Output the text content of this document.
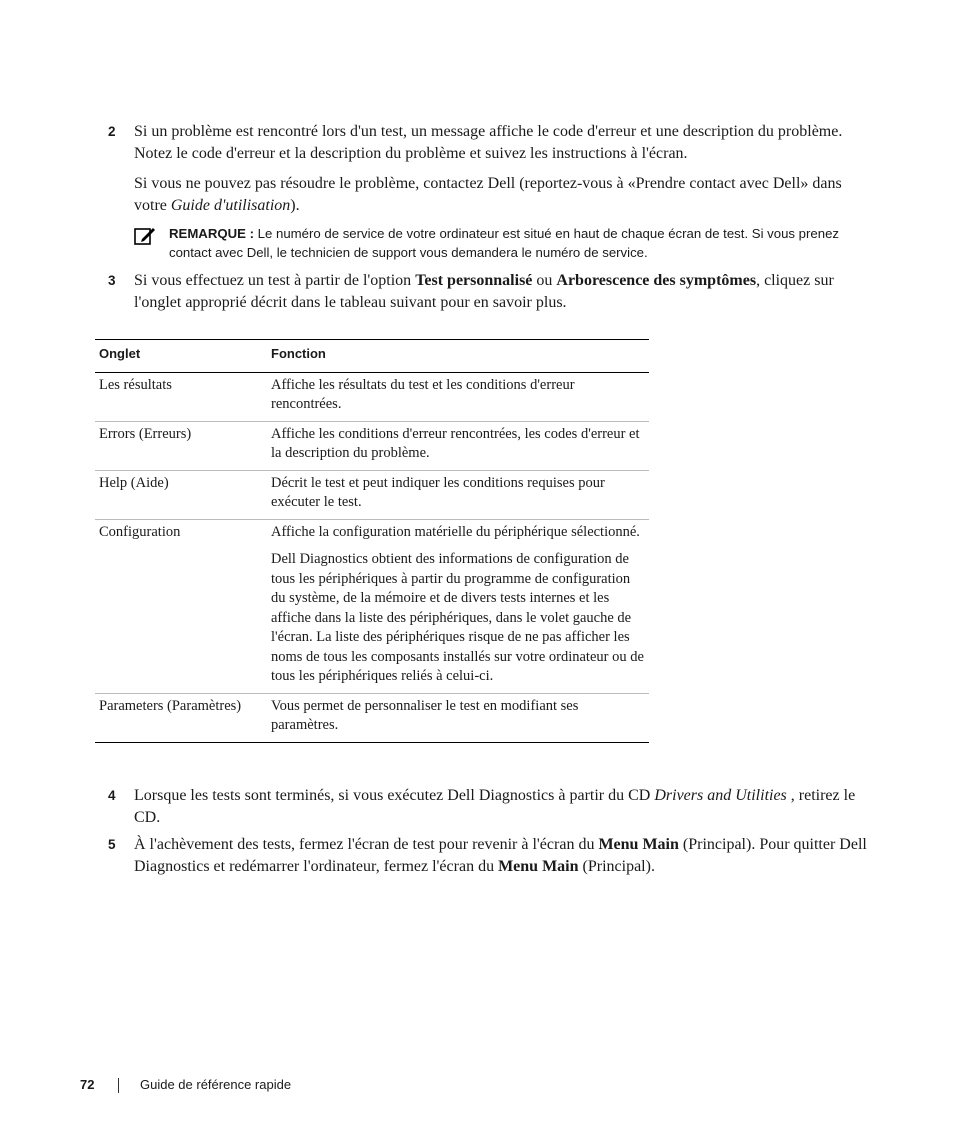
2 Si un problème est rencontré lors d'un test, un message affiche le code d'erreur et une description du problème. Notez le code d'erreur et la description du problème et suivez les instructions à l'écran.

Si vous ne pouvez pas résoudre le problème, contactez Dell (reportez-vous à «Prendre contact avec Dell» dans votre Guide d'utilisation).

REMARQUE : Le numéro de service de votre ordinateur est situé en haut de chaque écran de test. Si vous prenez contact avec Dell, le technicien de support vous demandera le numéro de service.
3 Si vous effectuez un test à partir de l'option Test personnalisé ou Arborescence des symptômes, cliquez sur l'onglet approprié décrit dans le tableau suivant pour en savoir plus.

Onglet	Fonction
Les résultats	Affiche les résultats du test et les conditions d'erreur rencontrées.

Errors (Erreurs)	Affiche les conditions d'erreur rencontrées, les codes d'erreur et la description du problème.

Help (Aide)	Décrit le test et peut indiquer les conditions requises pour exécuter le test.

Configuration	Affiche la configuration matérielle du périphérique sélectionné.

Dell Diagnostics obtient des informations de configuration de tous les périphériques à partir du programme de configuration du système, de la mémoire et de divers tests internes et les affiche dans la liste des périphériques, dans le volet gauche de l'écran. La liste des périphériques risque de ne pas afficher les noms de tous les composants installés sur votre ordinateur ou de tous les périphériques reliés à celui-ci.

Parameters (Paramètres)	Vous permet de personnaliser le test en modifiant ses paramètres.

4 Lorsque les tests sont terminés, si vous exécutez Dell Diagnostics à partir du CD Drivers and Utilities , retirez le CD.

5 À l'achèvement des tests, fermez l'écran de test pour revenir à l'écran du Menu Main (Principal). Pour quitter Dell Diagnostics et redémarrer l'ordinateur, fermez l'écran du Menu Main (Principal).

72	Guide de référence rapide
